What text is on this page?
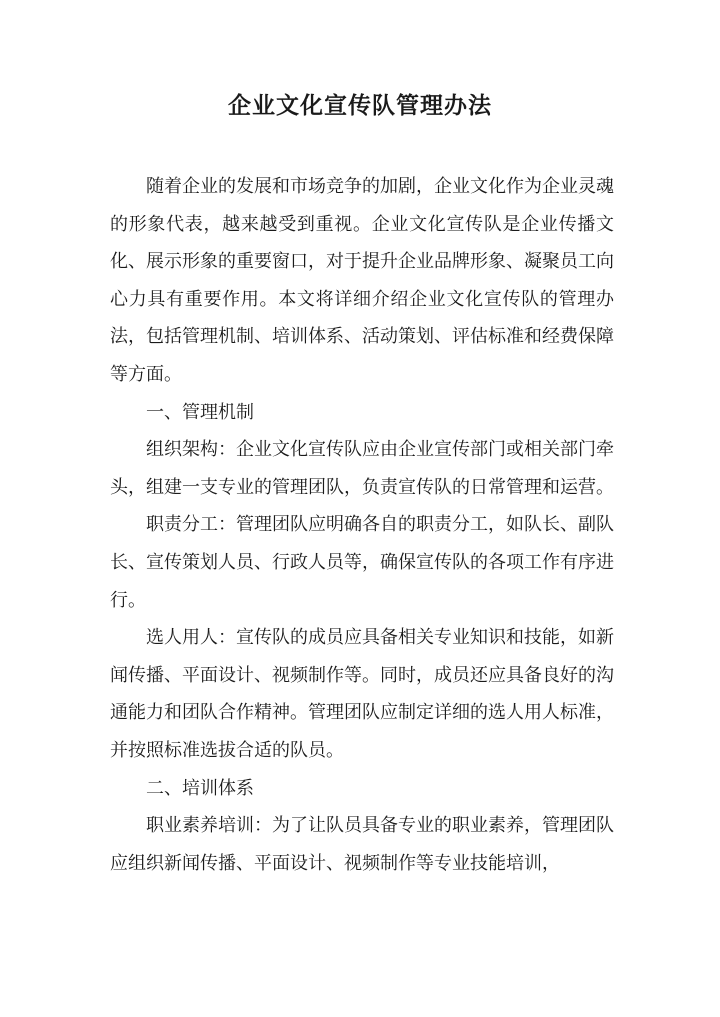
企业文化宣传队管理办法

随着企业的发展和市场竞争的加剧，企业文化作为企业灵魂的形象代表，越来越受到重视。企业文化宣传队是企业传播文化、展示形象的重要窗口，对于提升企业品牌形象、凝聚员工向心力具有重要作用。本文将详细介绍企业文化宣传队的管理办法，包括管理机制、培训体系、活动策划、评估标准和经费保障等方面。

一、管理机制

组织架构：企业文化宣传队应由企业宣传部门或相关部门牵头，组建一支专业的管理团队，负责宣传队的日常管理和运营。

职责分工：管理团队应明确各自的职责分工，如队长、副队长、宣传策划人员、行政人员等，确保宣传队的各项工作有序进行。

选人用人：宣传队的成员应具备相关专业知识和技能，如新闻传播、平面设计、视频制作等。同时，成员还应具备良好的沟通能力和团队合作精神。管理团队应制定详细的选人用人标准，并按照标准选拔合适的队员。

二、培训体系

职业素养培训：为了让队员具备专业的职业素养，管理团队应组织新闻传播、平面设计、视频制作等专业技能培训，
